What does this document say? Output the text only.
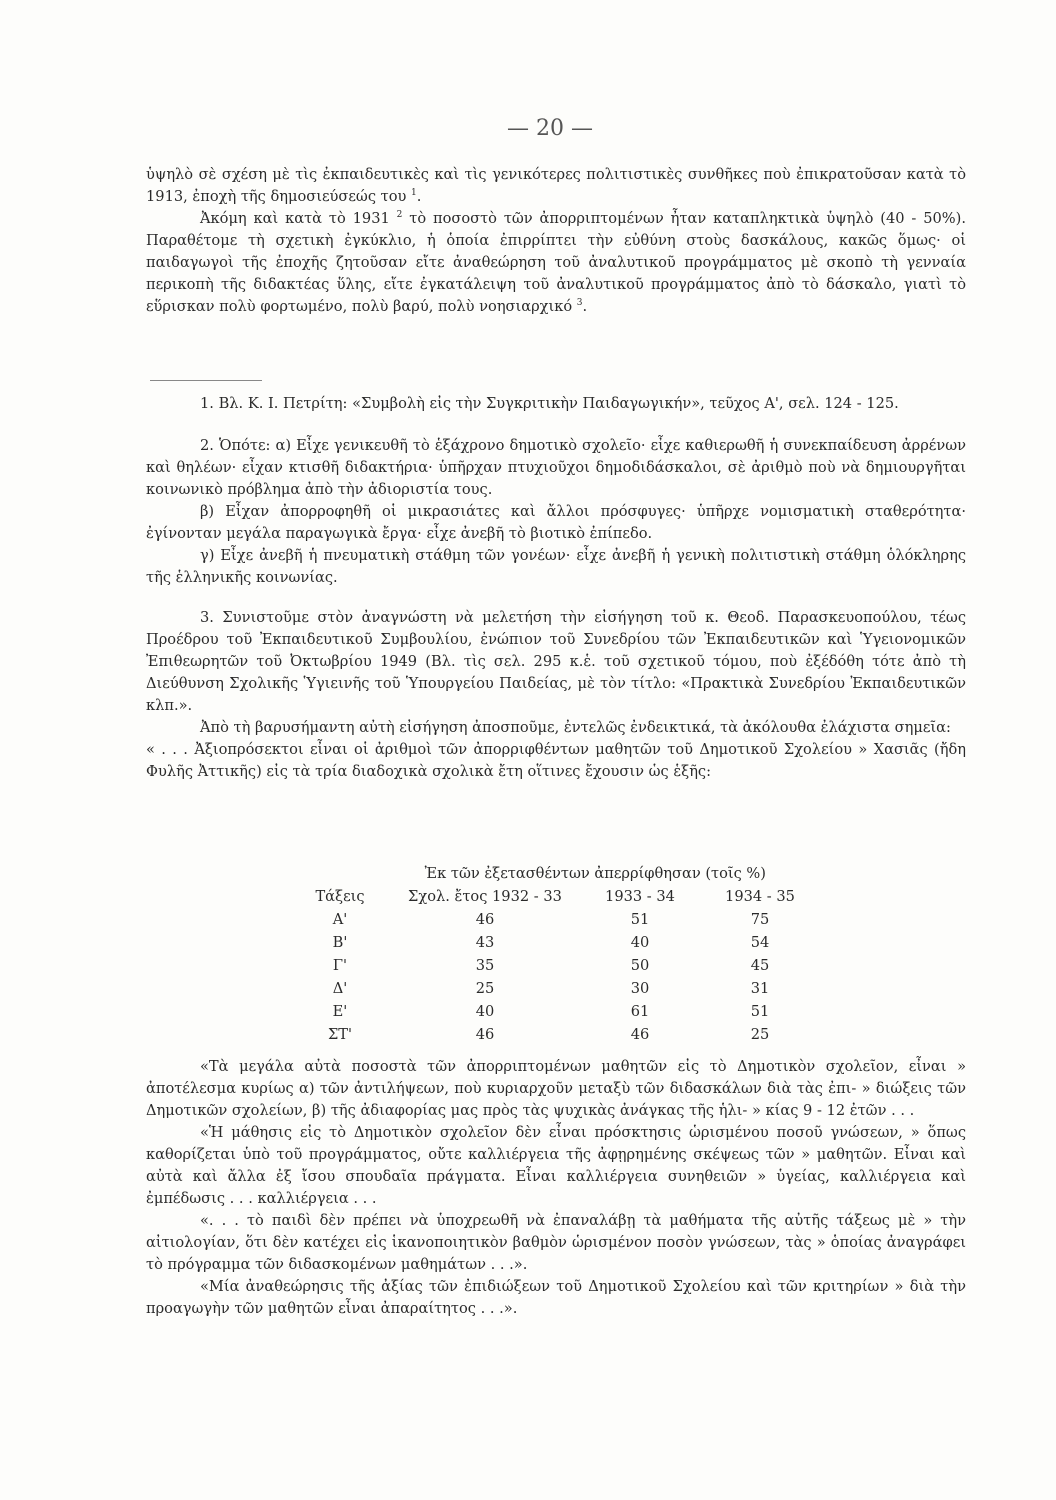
— 20 —

ὑψηλὸ σὲ σχέση μὲ τὶς ἐκπαιδευτικὲς καὶ τὶς γενικότερες πολιτιστικὲς συνθῆκες ποὺ ἐπικρατοῦσαν κατὰ τὸ 1913, ἐποχὴ τῆς δημοσιεύσεώς του $^1$.

Ἀκόμη καὶ κατὰ τὸ 1931 $^2$ τὸ ποσοστὸ τῶν ἀπορριπτομένων ἦταν καταπληκτικὰ ὑψηλὸ (40 - 50%). Παραθέτομε τὴ σχετικὴ ἐγκύκλιο, ἡ ὁποία ἐπιρρίπτει τὴν εὐθύνη στοὺς δασκάλους, κακῶς ὅμως· οἱ παιδαγωγοὶ τῆς ἐποχῆς ζητοῦσαν εἴτε ἀναθεώρηση τοῦ ἀναλυτικοῦ προγράμματος μὲ σκοπὸ τὴ γενναία περικοπὴ τῆς διδακτέας ὕλης, εἴτε ἐγκατάλειψη τοῦ ἀναλυτικοῦ προγράμματος ἀπὸ τὸ δάσκαλο, γιατὶ τὸ εὕρισκαν πολὺ φορτωμένο, πολὺ βαρύ, πολὺ νοησιαρχικό $^3$.

1. Βλ. Κ. Ι. Πετρίτη: «Συμβολὴ εἰς τὴν Συγκριτικὴν Παιδαγωγικήν», τεῦχος Α', σελ. 124 - 125.

2. Ὁπότε: α) Εἶχε γενικευθῆ τὸ ἑξάχρονο δημοτικὸ σχολεῖο· εἶχε καθιερωθῆ ἡ συνεκπαίδευση ἀρρένων καὶ θηλέων· εἶχαν κτισθῆ διδακτήρια· ὑπῆρχαν πτυχιοῦχοι δημοδιδάσκαλοι, σὲ ἀριθμὸ ποὺ νὰ δημιουργῆται κοινωνικὸ πρόβλημα ἀπὸ τὴν ἀδιοριστία τους.

β) Εἶχαν ἀπορροφηθῆ οἱ μικρασιάτες καὶ ἄλλοι πρόσφυγες· ὑπῆρχε νομισματικὴ σταθερότητα· ἐγίνονταν μεγάλα παραγωγικὰ ἔργα· εἶχε ἀνεβῆ τὸ βιοτικὸ ἐπίπεδο.

γ) Εἶχε ἀνεβῆ ἡ πνευματικὴ στάθμη τῶν γονέων· εἶχε ἀνεβῆ ἡ γενικὴ πολιτιστικὴ στάθμη ὁλόκληρης τῆς ἑλληνικῆς κοινωνίας.

3. Συνιστοῦμε στὸν ἀναγνώστη νὰ μελετήση τὴν εἰσήγηση τοῦ κ. Θεοδ. Παρασκευοπούλου, τέως Προέδρου τοῦ Ἐκπαιδευτικοῦ Συμβουλίου, ἐνώπιον τοῦ Συνεδρίου τῶν Ἐκπαιδευτικῶν καὶ Ὑγειονομικῶν Ἐπιθεωρητῶν τοῦ Ὀκτωβρίου 1949 (Βλ. τὶς σελ. 295 κ.ἑ. τοῦ σχετικοῦ τόμου, ποὺ ἐξέδόθη τότε ἀπὸ τὴ Διεύθυνση Σχολικῆς Ὑγιεινῆς τοῦ Ὑπουργείου Παιδείας, μὲ τὸν τίτλο: «Πρακτικὰ Συνεδρίου Ἐκπαιδευτικῶν κλπ.».

Ἀπὸ τὴ βαρυσήμαντη αὐτὴ εἰσήγηση ἀποσποῦμε, ἐντελῶς ἐνδεικτικά, τὰ ἀκόλουθα ἐλάχιστα σημεῖα:

« . . . Ἀξιοπρόσεκτοι εἶναι οἱ ἀριθμοὶ τῶν ἀπορριφθέντων μαθητῶν τοῦ Δημοτικοῦ Σχολείου » Χασιᾶς (ἤδη Φυλῆς Ἀττικῆς) εἰς τὰ τρία διαδοχικὰ σχολικὰ ἔτη οἵτινες ἔχουσιν ὡς ἑξῆς:

Ἐκ τῶν ἐξετασθέντων ἀπερρίφθησαν (τοῖς %)			
Τάξεις	Σχολ. ἔτος 1932 - 33	1933 - 34	1934 - 35
Α'	46	51	75
Β'	43	40	54
Γ'	35	50	45
Δ'	25	30	31
Ε'	40	61	51
ΣΤ'	46	46	25

«Τὰ μεγάλα αὐτὰ ποσοστὰ τῶν ἀπορριπτομένων μαθητῶν εἰς τὸ Δημοτικὸν σχολεῖον, εἶναι » ἀποτέλεσμα κυρίως α) τῶν ἀντιλήψεων, ποὺ κυριαρχοῦν μεταξὺ τῶν διδασκάλων διὰ τὰς ἐπι- » διώξεις τῶν Δημοτικῶν σχολείων, β) τῆς ἀδιαφορίας μας πρὸς τὰς ψυχικὰς ἀνάγκας τῆς ἡλι- » κίας 9 - 12 ἐτῶν . . .

«Ἡ μάθησις εἰς τὸ Δημοτικὸν σχολεῖον δὲν εἶναι πρόσκτησις ὡρισμένου ποσοῦ γνώσεων, » ὅπως καθορίζεται ὑπὸ τοῦ προγράμματος, οὔτε καλλιέργεια τῆς ἀφῃρημένης σκέψεως τῶν » μαθητῶν. Εἶναι καὶ αὐτὰ καὶ ἄλλα ἐξ ἴσου σπουδαῖα πράγματα. Εἶναι καλλιέργεια συνηθειῶν » ὑγείας, καλλιέργεια καὶ ἐμπέδωσις . . . καλλιέργεια . . .

«. . . τὸ παιδὶ δὲν πρέπει νὰ ὑποχρεωθῆ νὰ ἐπαναλάβῃ τὰ μαθήματα τῆς αὐτῆς τάξεως μὲ » τὴν αἰτιολογίαν, ὅτι δὲν κατέχει εἰς ἱκανοποιητικὸν βαθμὸν ὡρισμένον ποσὸν γνώσεων, τὰς » ὁποίας ἀναγράφει τὸ πρόγραμμα τῶν διδασκομένων μαθημάτων . . .».

«Μία ἀναθεώρησις τῆς ἀξίας τῶν ἐπιδιώξεων τοῦ Δημοτικοῦ Σχολείου καὶ τῶν κριτηρίων » διὰ τὴν προαγωγὴν τῶν μαθητῶν εἶναι ἀπαραίτητος . . .».
